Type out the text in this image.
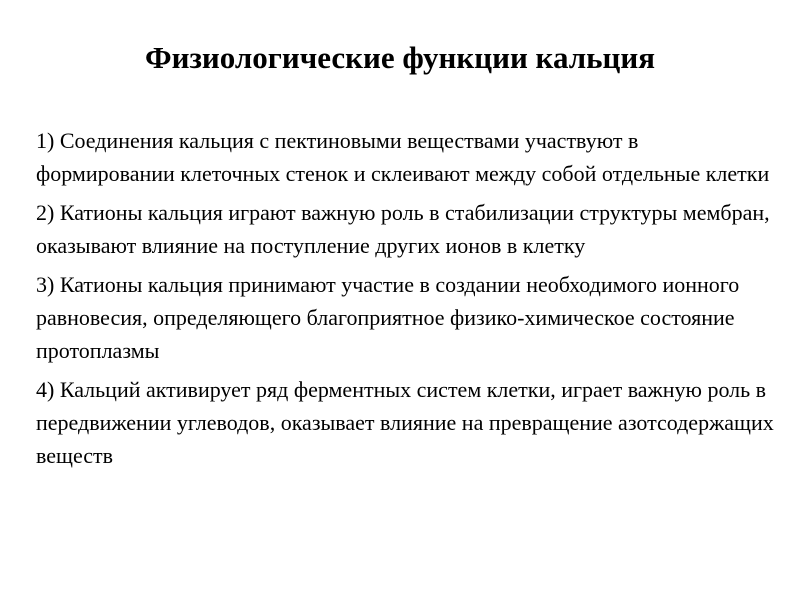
Физиологические функции кальция
1) Соединения кальция с пектиновыми веществами участвуют в формировании клеточных стенок и склеивают между собой отдельные клетки
2) Катионы кальция играют важную роль в стабилизации структуры мембран, оказывают влияние на поступление других ионов в клетку
3) Катионы кальция принимают участие в создании необходимого ионного равновесия, определяющего благоприятное физико-химическое состояние протоплазмы
4) Кальций активирует ряд ферментных систем клетки, играет важную роль в передвижении углеводов, оказывает влияние на превращение азотсодержащих веществ
